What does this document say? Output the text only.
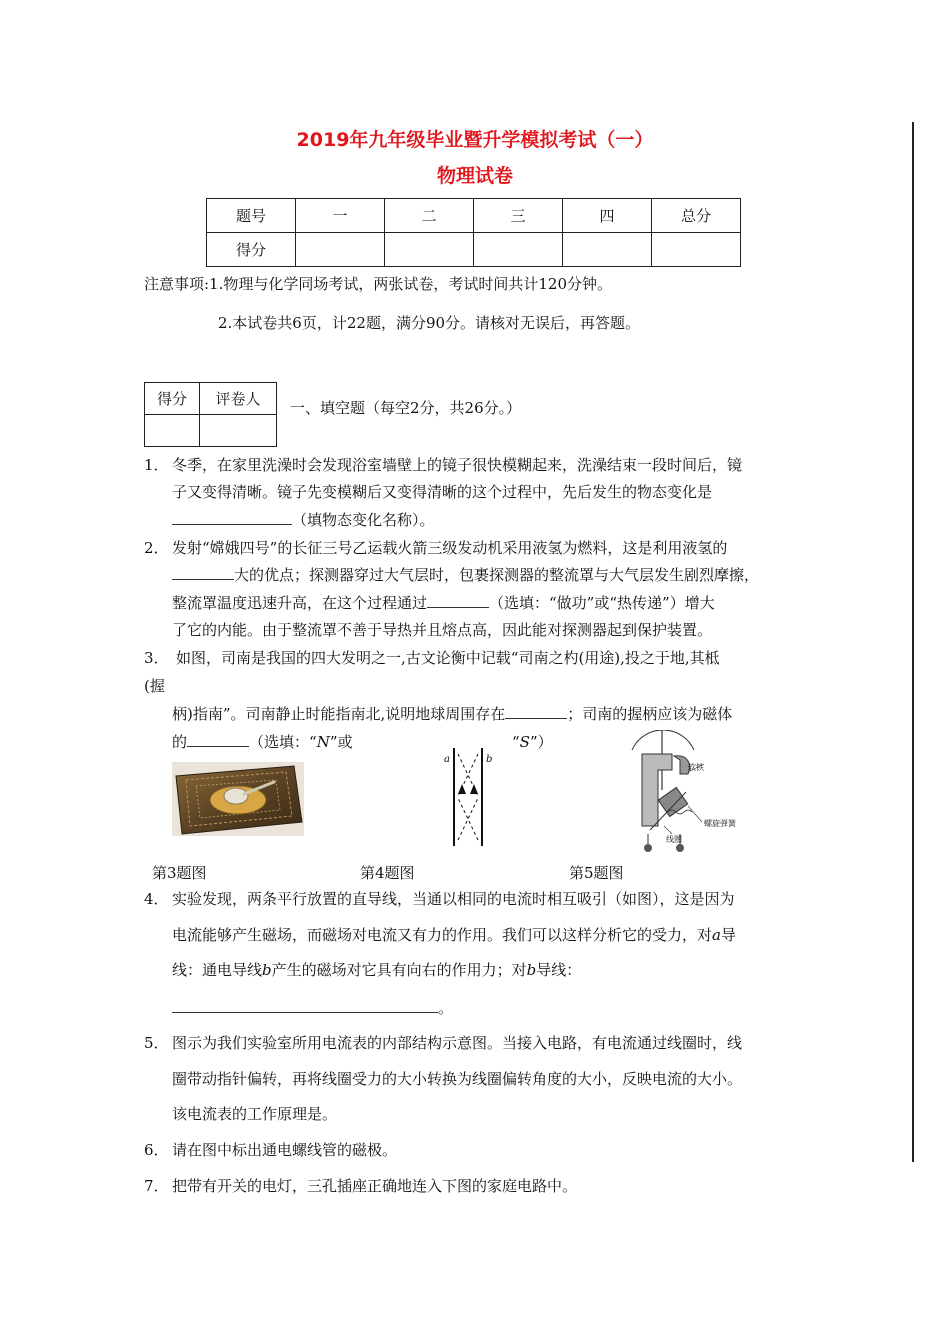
2019年九年级毕业暨升学模拟考试（一）
物理试卷
题号	一	二	三	四	总分
得分					
注意事项:1.物理与化学同场考试，两张试卷，考试时间共计120分钟。
2.本试卷共6页，计22题，满分90分。请核对无误后，再答题。
得分	评卷人
	一、填空题（每空2分，共26分。）
1． 冬季，在家里洗澡时会发现浴室墙壁上的镜子很快模糊起来，洗澡结束一段时间后，镜
子又变得清晰。镜子先变模糊后又变得清晰的这个过程中，先后发生的物态变化是
（填物态变化名称）。
2． 发射“嫦娥四号”的长征三号乙运载火箭三级发动机采用液氢为燃料，这是利用液氢的
大的优点；探测器穿过大气层时，包裹探测器的整流罩与大气层发生剧烈摩擦，
整流罩温度迅速升高，在这个过程通过	（选填：“做功”或“热传递”）增大
了它的内能。由于整流罩不善于导热并且熔点高，因此能对探测器起到保护装置。
3． 如图，司南是我国的四大发明之一,古文论衡中记载“司南之杓(用途),投之于地,其柢
(握
柄)指南”。司南静止时能指南北,说明地球周围存在	；司南的握柄应该为磁体
的	（选填：“N”或	“S”）
a	b
软铁
螺旋弹簧
线圈
第3题图	第4题图	第5题图
4． 实验发现，两条平行放置的直导线，当通以相同的电流时相互吸引（如图），这是因为
电流能够产生磁场，而磁场对电流又有力的作用。我们可以这样分析它的受力，对a导
线：通电导线b产生的磁场对它具有向右的作用力；对b导线：
。
5． 图示为我们实验室所用电流表的内部结构示意图。当接入电路，有电流通过线圈时，线
圈带动指针偏转，再将线圈受力的大小转换为线圈偏转角度的大小，反映电流的大小。
该电流表的工作原理是。
6． 请在图中标出通电螺线管的磁极。
7． 把带有开关的电灯，三孔插座正确地连入下图的家庭电路中。
